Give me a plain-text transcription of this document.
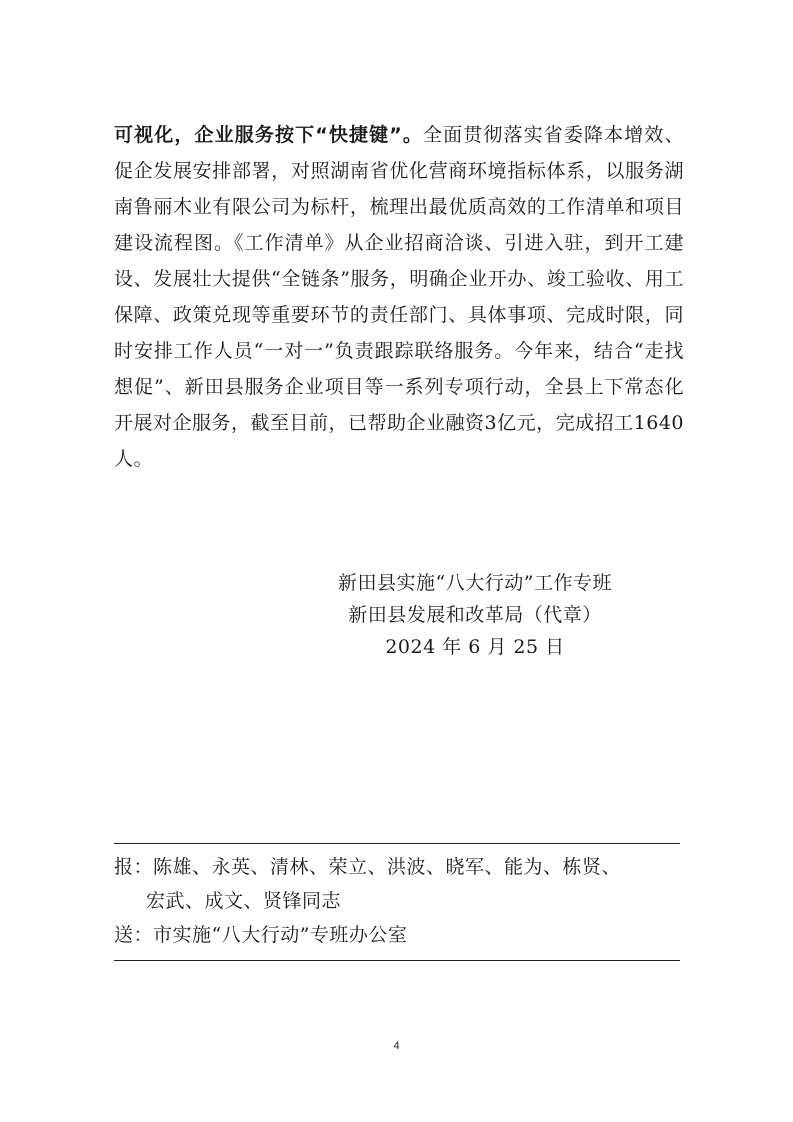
可视化，企业服务按下“快捷键”。全面贯彻落实省委降本增效、促企发展安排部署，对照湖南省优化营商环境指标体系，以服务湖南鲁丽木业有限公司为标杆，梳理出最优质高效的工作清单和项目建设流程图。《工作清单》从企业招商洽谈、引进入驻，到开工建设、发展壮大提供“全链条”服务，明确企业开办、竣工验收、用工保障、政策兑现等重要环节的责任部门、具体事项、完成时限，同时安排工作人员“一对一”负责跟踪联络服务。今年来，结合“走找想促”、新田县服务企业项目等一系列专项行动，全县上下常态化开展对企服务，截至目前，已帮助企业融资3亿元，完成招工1640人。

新田县实施“八大行动”工作专班
新田县发展和改革局（代章）
2024 年 6 月 25 日
报：陈雄、永英、清林、荣立、洪波、晓军、能为、栋贤、
宏武、成文、贤锋同志
送：市实施“八大行动”专班办公室
4
